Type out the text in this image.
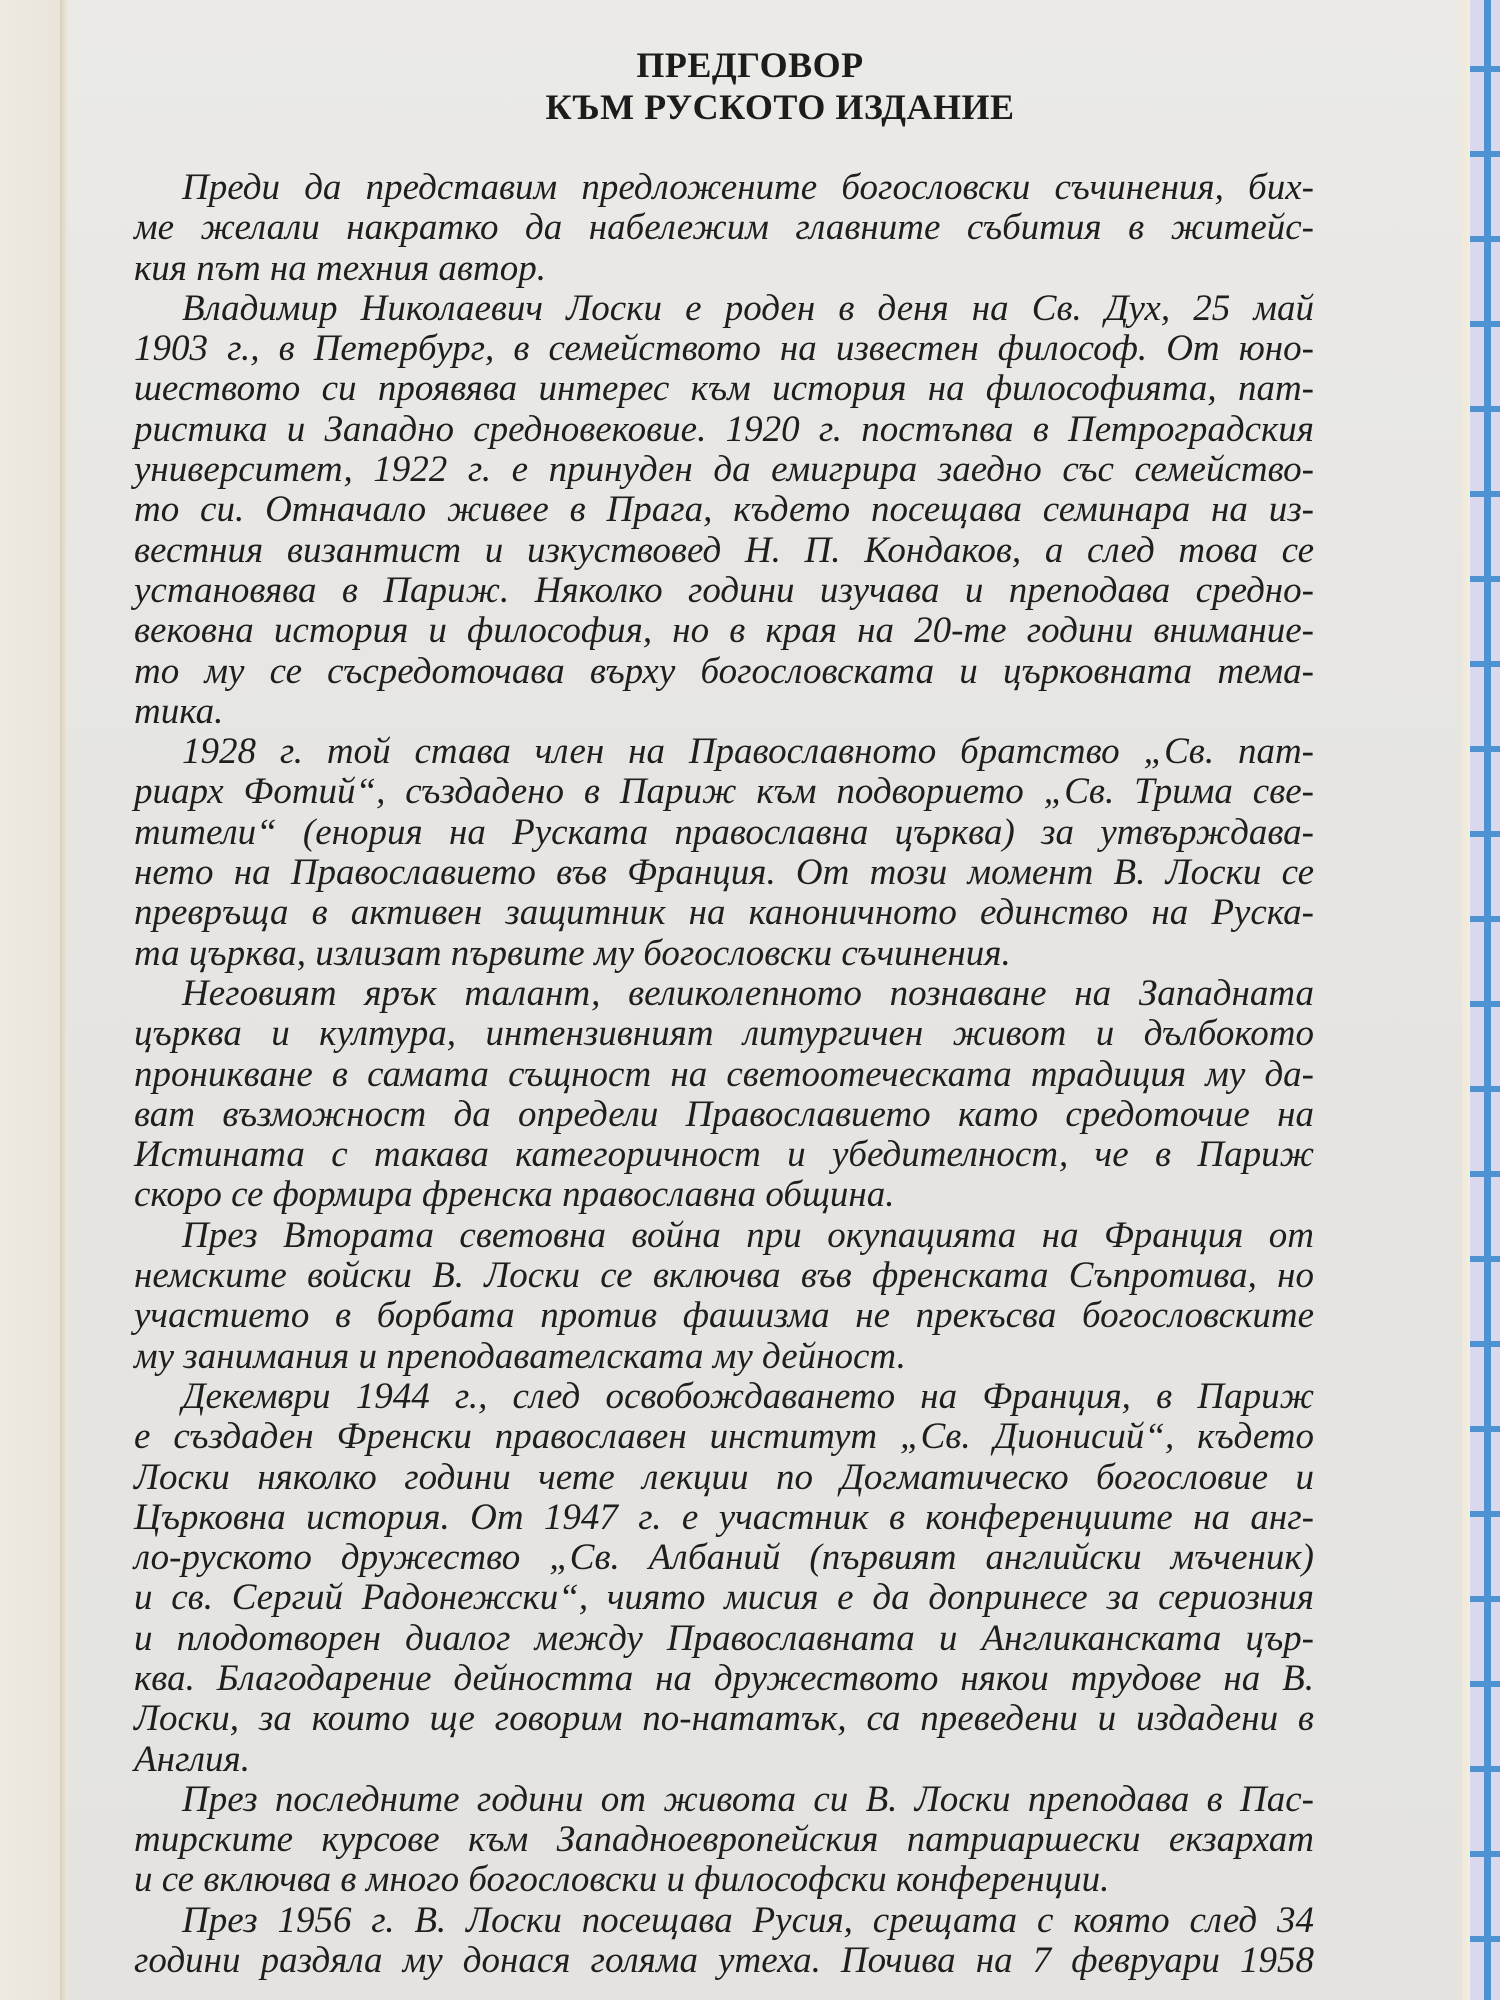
ПРЕДГОВОР
КЪМ РУСКОТО ИЗДАНИЕ
Преди да представим предложените богословски съчинения, бих-
ме желали накратко да набележим главните събития в житейс-
кия път на техния автор.
Владимир Николаевич Лоски е роден в деня на Св. Дух, 25 май
1903 г., в Петербург, в семейството на известен философ. От юно-
шеството си проявява интерес към история на философията, пат-
ристика и Западно средновековие. 1920 г. постъпва в Петроградския
университет, 1922 г. е принуден да емигрира заедно със семейство-
то си. Отначало живее в Прага, където посещава семинара на из-
вестния византист и изкуствовед Н. П. Кондаков, а след това се
установява в Париж. Няколко години изучава и преподава средно-
вековна история и философия, но в края на 20-те години внимание-
то му се съсредоточава върху богословската и църковната тема-
тика.
1928 г. той става член на Православното братство „Св. пат-
риарх Фотий“, създадено в Париж към подворието „Св. Трима све-
тители“ (енория на Руската православна църква) за утвърждава-
нето на Православието във Франция. От този момент В. Лоски се
превръща в активен защитник на каноничното единство на Руска-
та църква, излизат първите му богословски съчинения.
Неговият ярък талант, великолепното познаване на Западната
църква и култура, интензивният литургичен живот и дълбокото
проникване в самата същност на светоотеческата традиция му да-
ват възможност да определи Православието като средоточие на
Истината с такава категоричност и убедителност, че в Париж
скоро се формира френска православна община.
През Втората световна война при окупацията на Франция от
немските войски В. Лоски се включва във френската Съпротива, но
участието в борбата против фашизма не прекъсва богословските
му занимания и преподавателската му дейност.
Декември 1944 г., след освобождаването на Франция, в Париж
е създаден Френски православен институт „Св. Дионисий“, където
Лоски няколко години чете лекции по Догматическо богословие и
Църковна история. От 1947 г. е участник в конференциите на анг-
ло-руското дружество „Св. Албаний (първият английски мъченик)
и св. Сергий Радонежски“, чиято мисия е да допринесе за сериозния
и плодотворен диалог между Православната и Англиканската цър-
ква. Благодарение дейността на дружеството някои трудове на В.
Лоски, за които ще говорим по-нататък, са преведени и издадени в
Англия.
През последните години от живота си В. Лоски преподава в Пас-
тирските курсове към Западноевропейския патриаршески екзархат
и се включва в много богословски и философски конференции.
През 1956 г. В. Лоски посещава Русия, срещата с която след 34
години раздяла му донася голяма утеха. Почива на 7 февруари 1958
